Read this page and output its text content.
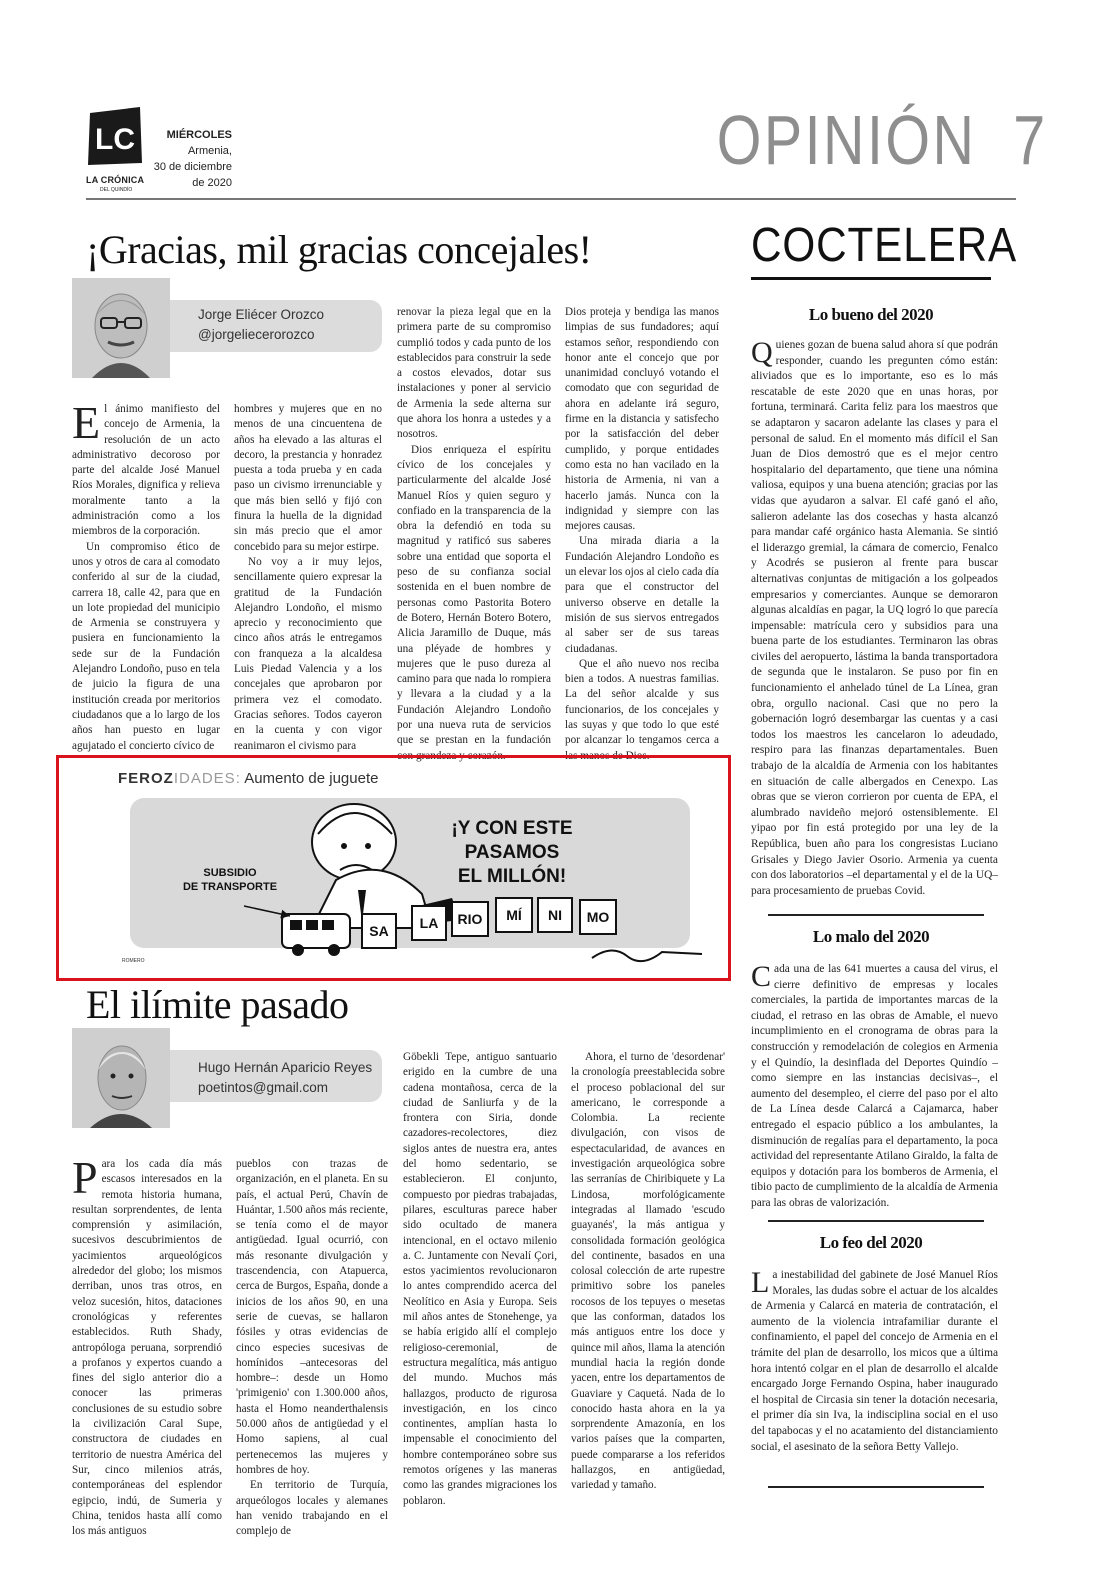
LC
LA CRÓNICA
DEL QUINDÍO
MIÉRCOLES
Armenia,
30 de diciembre
de 2020
OPINIÓN 7
¡Gracias, mil gracias concejales!
Jorge Eliécer Orozco
@jorgeliecerorozco

El ánimo manifiesto del concejo de Armenia, la resolución de un acto administrativo decoroso por parte del alcalde José Manuel Ríos Morales, dignifica y relieva moralmente tanto a la administración como a los miembros de la corporación.

Un compromiso ético de unos y otros de cara al comodato conferido al sur de la ciudad, carrera 18, calle 42, para que en un lote propiedad del municipio de Armenia se construyera y pusiera en funcionamiento la sede sur de la Fundación Alejandro Londoño, puso en tela de juicio la figura de una institución creada por meritorios ciudadanos que a lo largo de los años han puesto en lugar agujatado el concierto cívico de

hombres y mujeres que en no menos de una cincuentena de años ha elevado a las alturas el decoro, la prestancia y honradez puesta a toda prueba y en cada paso un civismo irrenunciable y que más bien selló y fijó con finura la huella de la dignidad sin más precio que el amor concebido para su mejor estirpe.

No voy a ir muy lejos, sencillamente quiero expresar la gratitud de la Fundación Alejandro Londoño, el mismo aprecio y reconocimiento que cinco años atrás le entregamos con franqueza a la alcaldesa Luis Piedad Valencia y a los concejales que aprobaron por primera vez el comodato. Gracias señores. Todos cayeron en la cuenta y con vigor reanimaron el civismo para

renovar la pieza legal que en la primera parte de su compromiso cumplió todos y cada punto de los establecidos para construir la sede a costos elevados, dotar sus instalaciones y poner al servicio de Armenia la sede alterna sur que ahora los honra a ustedes y a nosotros.

Dios enriqueza el espíritu cívico de los concejales y particularmente del alcalde José Manuel Ríos y quien seguro y confiado en la transparencia de la obra la defendió en toda su magnitud y ratificó sus saberes sobre una entidad que soporta el peso de su confianza social sostenida en el buen nombre de personas como Pastorita Botero de Botero, Hernán Botero Botero, Alicia Jaramillo de Duque, más una pléyade de hombres y mujeres que le puso dureza al camino para que nada lo rompiera y llevara a la ciudad y a la Fundación Alejandro Londoño por una nueva ruta de servicios que se prestan en la fundación con grandeza y corazón.

Dios proteja y bendiga las manos limpias de sus fundadores; aquí estamos señor, respondiendo con honor ante el concejo que por unanimidad concluyó votando el comodato que con seguridad de ahora en adelante irá seguro, firme en la distancia y satisfecho por la satisfacción del deber cumplido, y porque entidades como esta no han vacilado en la historia de Armenia, ni van a hacerlo jamás. Nunca con la indignidad y siempre con las mejores causas.

Una mirada diaria a la Fundación Alejandro Londoño es un elevar los ojos al cielo cada día para que el constructor del universo observe en detalle la misión de sus siervos entregados al saber ser de sus tareas ciudadanas.

Que el año nuevo nos reciba bien a todos. A nuestras familias. La del señor alcalde y sus funcionarios, de los concejales y las suyas y que todo lo que esté por alcanzar lo tengamos cerca a las manos de Dios.

FEROZIDADES: Aumento de juguete
SA LA RIO MÍ NI MO
¡Y CON ESTE
PASAMOS
EL MILLÓN!
SUBSIDIO
DE TRANSPORTE
ROMERO
El ilímite pasado
Hugo Hernán Aparicio Reyes
poetintos@gmail.com

Para los cada día más escasos interesados en la remota historia humana, resultan sorprendentes, de lenta comprensión y asimilación, sucesivos descubrimientos de yacimientos arqueológicos alrededor del globo; los mismos derriban, unos tras otros, en veloz sucesión, hitos, dataciones cronológicas y referentes establecidos. Ruth Shady, antropóloga peruana, sorprendió a profanos y expertos cuando a fines del siglo anterior dio a conocer las primeras conclusiones de su estudio sobre la civilización Caral Supe, constructora de ciudades en territorio de nuestra América del Sur, cinco milenios atrás, contemporáneas del esplendor egipcio, indú, de Sumeria y China, tenidos hasta allí como los más antiguos

pueblos con trazas de organización, en el planeta. En su país, el actual Perú, Chavín de Huántar, 1.500 años más reciente, se tenía como el de mayor antigüedad. Igual ocurrió, con más resonante divulgación y trascendencia, con Atapuerca, cerca de Burgos, España, donde a inicios de los años 90, en una serie de cuevas, se hallaron fósiles y otras evidencias de cinco especies sucesivas de homínidos –antecesoras del hombre–: desde un Homo 'primigenio' con 1.300.000 años, hasta el Homo neanderthalensis 50.000 años de antigüedad y el Homo sapiens, al cual pertenecemos las mujeres y hombres de hoy.

En territorio de Turquía, arqueólogos locales y alemanes han venido trabajando en el complejo de

Göbekli Tepe, antiguo santuario erigido en la cumbre de una cadena montañosa, cerca de la ciudad de Sanliurfa y de la frontera con Siria, donde cazadores-recolectores, diez siglos antes de nuestra era, antes del homo sedentario, se establecieron. El conjunto, compuesto por piedras trabajadas, pilares, esculturas parece haber sido ocultado de manera intencional, en el octavo milenio a. C. Juntamente con Nevalí Çori, estos yacimientos revolucionaron lo antes comprendido acerca del Neolítico en Asia y Europa. Seis mil años antes de Stonehenge, ya se había erigido allí el complejo religioso-ceremonial, de estructura megalítica, más antiguo del mundo. Muchos más hallazgos, producto de rigurosa investigación, en los cinco continentes, amplían hasta lo impensable el conocimiento del hombre contemporáneo sobre sus remotos orígenes y las maneras como las grandes migraciones los poblaron.

Ahora, el turno de 'desordenar' la cronología preestablecida sobre el proceso poblacional del sur americano, le corresponde a Colombia. La reciente divulgación, con visos de espectacularidad, de avances en investigación arqueológica sobre las serranías de Chiribiquete y La Lindosa, morfológicamente integradas al llamado 'escudo guayanés', la más antigua y consolidada formación geológica del continente, basados en una colosal colección de arte rupestre primitivo sobre los paneles rocosos de los tepuyes o mesetas que las conforman, datados los más antiguos entre los doce y quince mil años, llama la atención mundial hacia la región donde yacen, entre los departamentos de Guaviare y Caquetá. Nada de lo conocido hasta ahora en la ya sorprendente Amazonía, en los varios países que la comparten, puede compararse a los referidos hallazgos, en antigüedad, variedad y tamaño.

COCTELERA
Lo bueno del 2020
Quienes gozan de buena salud ahora sí que podrán responder, cuando les pregunten cómo están: aliviados que es lo importante, eso es lo más rescatable de este 2020 que en unas horas, por fortuna, terminará. Carita feliz para los maestros que se adaptaron y sacaron adelante las clases y para el personal de salud. En el momento más difícil el San Juan de Dios demostró que es el mejor centro hospitalario del departamento, que tiene una nómina valiosa, equipos y una buena atención; gracias por las vidas que ayudaron a salvar. El café ganó el año, salieron adelante las dos cosechas y hasta alcanzó para mandar café orgánico hasta Alemania. Se sintió el liderazgo gremial, la cámara de comercio, Fenalco y Acodrés se pusieron al frente para buscar alternativas conjuntas de mitigación a los golpeados empresarios y comerciantes. Aunque se demoraron algunas alcaldías en pagar, la UQ logró lo que parecía impensable: matrícula cero y subsidios para una buena parte de los estudiantes. Terminaron las obras civiles del aeropuerto, lástima la banda transportadora de segunda que le instalaron. Se puso por fin en funcionamiento el anhelado túnel de La Línea, gran obra, orgullo nacional. Casi que no pero la gobernación logró desembargar las cuentas y a casi todos los maestros les cancelaron lo adeudado, respiro para las finanzas departamentales. Buen trabajo de la alcaldía de Armenia con los habitantes en situación de calle albergados en Cenexpo. Las obras que se vieron corrieron por cuenta de EPA, el alumbrado navideño mejoró ostensiblemente. El yipao por fin está protegido por una ley de la República, buen año para los congresistas Luciano Grisales y Diego Javier Osorio. Armenia ya cuenta con dos laboratorios –el departamental y el de la UQ– para procesamiento de pruebas Covid.
Lo malo del 2020
Cada una de las 641 muertes a causa del virus, el cierre definitivo de empresas y locales comerciales, la partida de importantes marcas de la ciudad, el retraso en las obras de Amable, el nuevo incumplimiento en el cronograma de obras para la construcción y remodelación de colegios en Armenia y el Quindío, la desinflada del Deportes Quindío –como siempre en las instancias decisivas–, el aumento del desempleo, el cierre del paso por el alto de La Línea desde Calarcá a Cajamarca, haber entregado el espacio público a los ambulantes, la disminución de regalías para el departamento, la poca actividad del representante Atilano Giraldo, la falta de equipos y dotación para los bomberos de Armenia, el tibio pacto de cumplimiento de la alcaldía de Armenia para las obras de valorización.
Lo feo del 2020
La inestabilidad del gabinete de José Manuel Ríos Morales, las dudas sobre el actuar de los alcaldes de Armenia y Calarcá en materia de contratación, el aumento de la violencia intrafamiliar durante el confinamiento, el papel del concejo de Armenia en el trámite del plan de desarrollo, los micos que a última hora intentó colgar en el plan de desarrollo el alcalde encargado Jorge Fernando Ospina, haber inaugurado el hospital de Circasia sin tener la dotación necesaria, el primer día sin Iva, la indisciplina social en el uso del tapabocas y el no acatamiento del distanciamiento social, el asesinato de la señora Betty Vallejo.
